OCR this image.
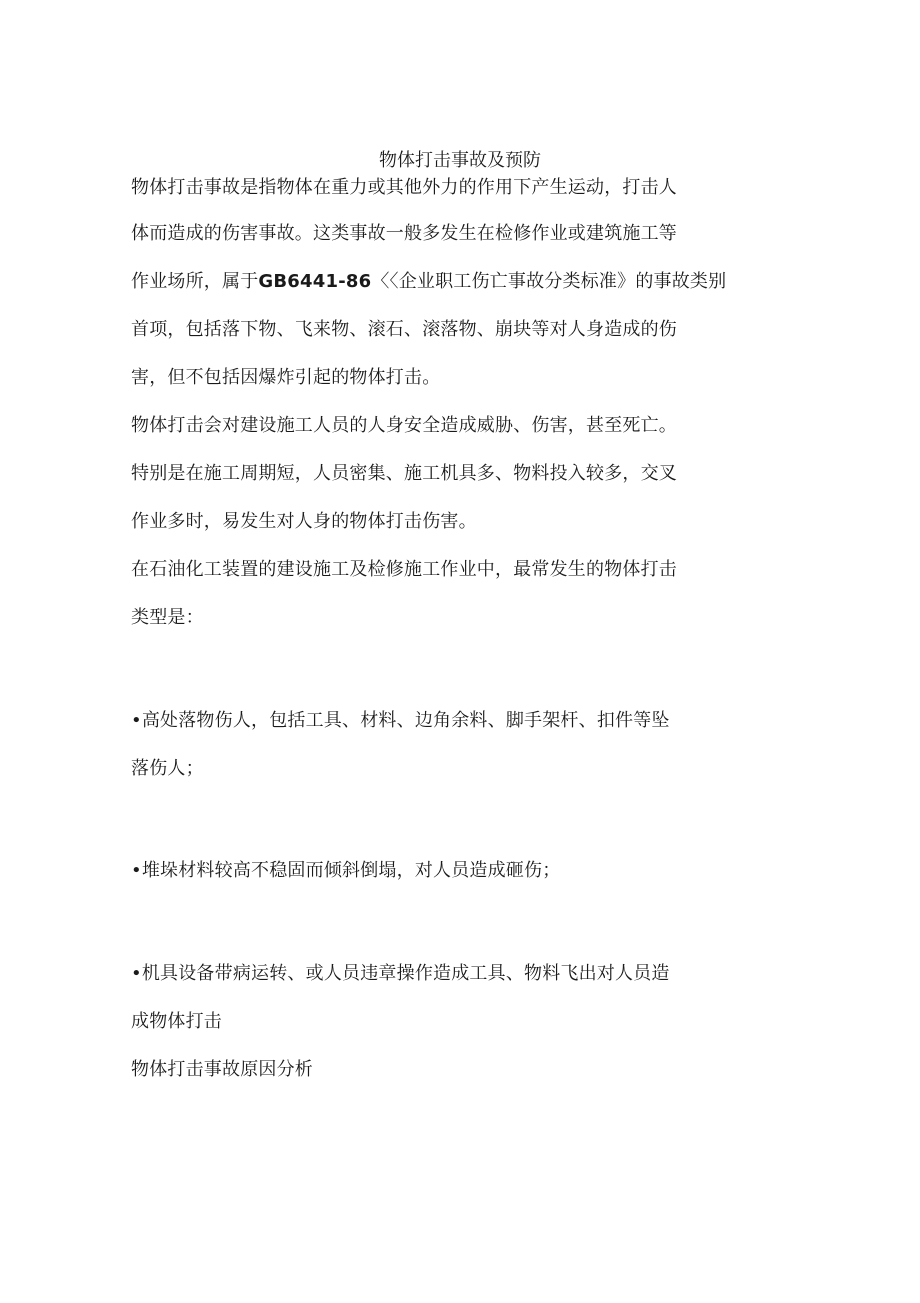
物体打击事故及预防
物体打击事故是指物体在重力或其他外力的作用下产生运动，打击人
体而造成的伤害事故。这类事故一般多发生在检修作业或建筑施工等
作业场所，属于GB6441-86〈〈企业职工伤亡事故分类标准》的事故类别
首项，包括落下物、飞来物、滚石、滚落物、崩块等对人身造成的伤
害，但不包括因爆炸引起的物体打击。
物体打击会对建设施工人员的人身安全造成威胁、伤害，甚至死亡。
特别是在施工周期短，人员密集、施工机具多、物料投入较多，交叉
作业多时，易发生对人身的物体打击伤害。
在石油化工装置的建设施工及检修施工作业中，最常发生的物体打击
类型是：
•高处落物伤人，包括工具、材料、边角余料、脚手架杆、扣件等坠
落伤人；
•堆垛材料较高不稳固而倾斜倒塌，对人员造成砸伤；
•机具设备带病运转、或人员违章操作造成工具、物料飞出对人员造
成物体打击
物体打击事故原因分析
